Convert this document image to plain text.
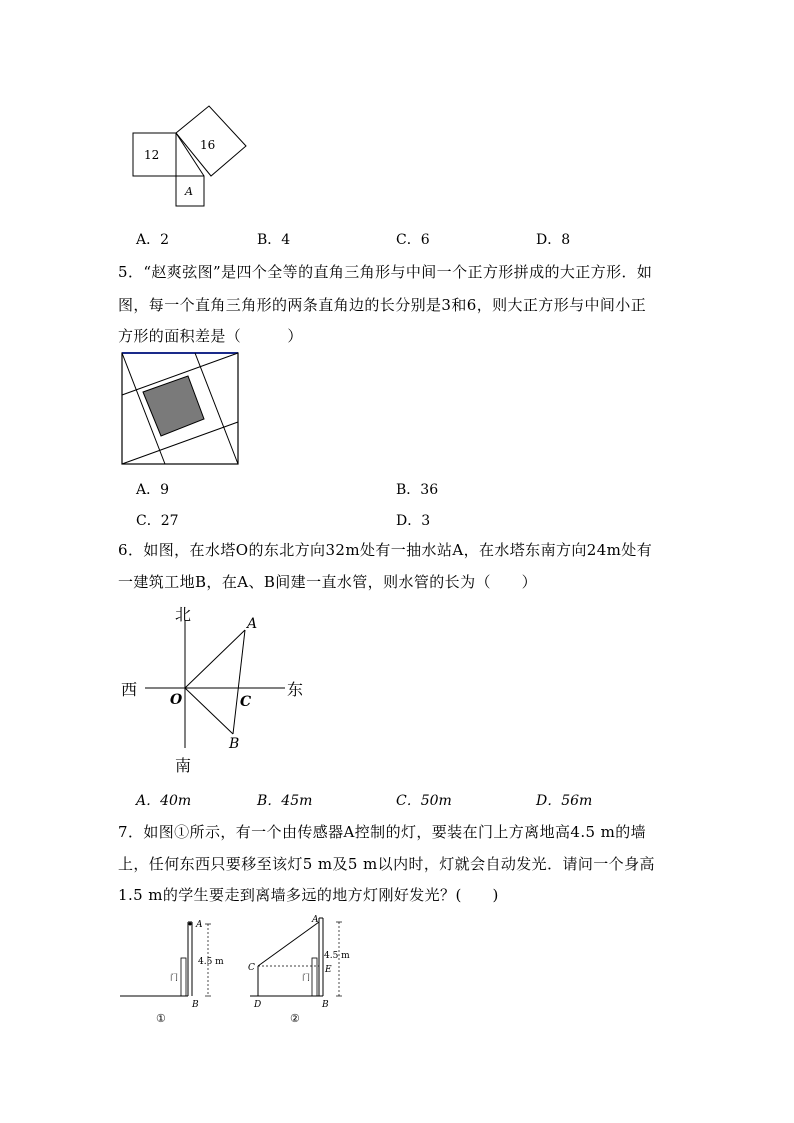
12
16
A
A．2	B．4	C．6	D．8
5．“赵爽弦图”是四个全等的直角三角形与中间一个正方形拼成的大正方形．如
图，每一个直角三角形的两条直角边的长分别是3和6，则大正方形与中间小正
方形的面积差是（　　　）
A．9	B．36
C．27	D．3
6．如图，在水塔O的东北方向32m处有一抽水站A，在水塔东南方向24m处有
一建筑工地B，在A、B间建一直水管，则水管的长为（　　）
北
南
西	东
O
A
C
B
A．40m	B．45m	C．50m	D．56m
7．如图①所示，有一个由传感器A控制的灯，要装在门上方离地高4.5 m的墙
上，任何东西只要移至该灯5 m及5 m以内时，灯就会自动发光．请问一个身高
1.5 m的学生要走到离墙多远的地方灯刚好发光？(　　)
A
4.5 m
门
B
①
A
C
4.5 m
E
门
D	B
②
